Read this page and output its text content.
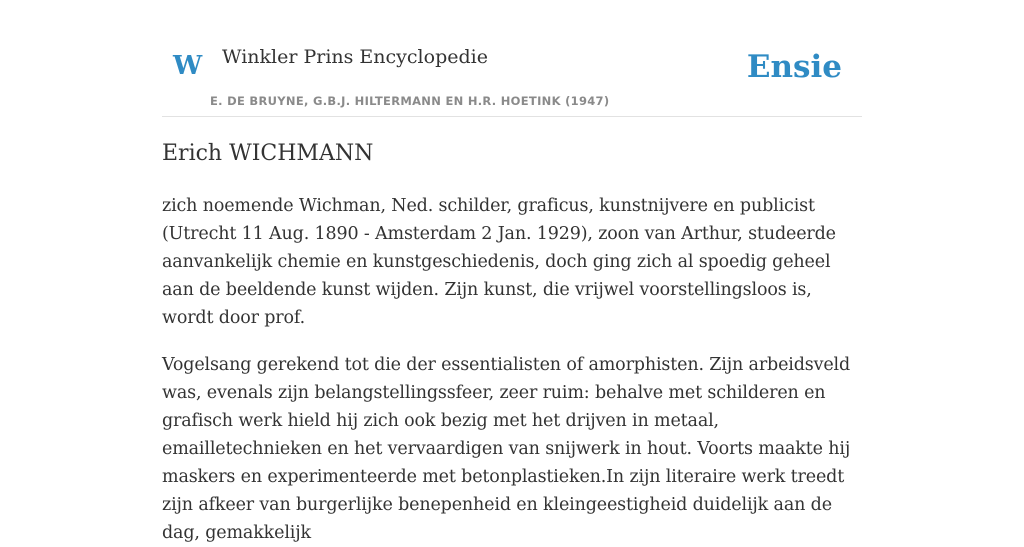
W Winkler Prins Encyclopedie
E. DE BRUYNE, G.B.J. HILTERMANN EN H.R. HOETINK (1947)
Ensie
Erich WICHMANN

zich noemende Wichman, Ned. schilder, graficus, kunstnijvere en publicist (Utrecht 11 Aug. 1890 - Amsterdam 2 Jan. 1929), zoon van Arthur, studeerde aanvankelijk chemie en kunstgeschiedenis, doch ging zich al spoedig geheel aan de beeldende kunst wijden. Zijn kunst, die vrijwel voorstellingsloos is, wordt door prof.

Vogelsang gerekend tot die der essentialisten of amorphisten. Zijn arbeidsveld was, evenals zijn belangstellingssfeer, zeer ruim: behalve met schilderen en grafisch werk hield hij zich ook bezig met het drijven in metaal, emailletechnieken en het vervaardigen van snijwerk in hout. Voorts maakte hij maskers en experimenteerde met betonplastieken.In zijn literaire werk treedt zijn afkeer van burgerlijke benepenheid en kleingeestigheid duidelijk aan de dag, gemakkelijk
